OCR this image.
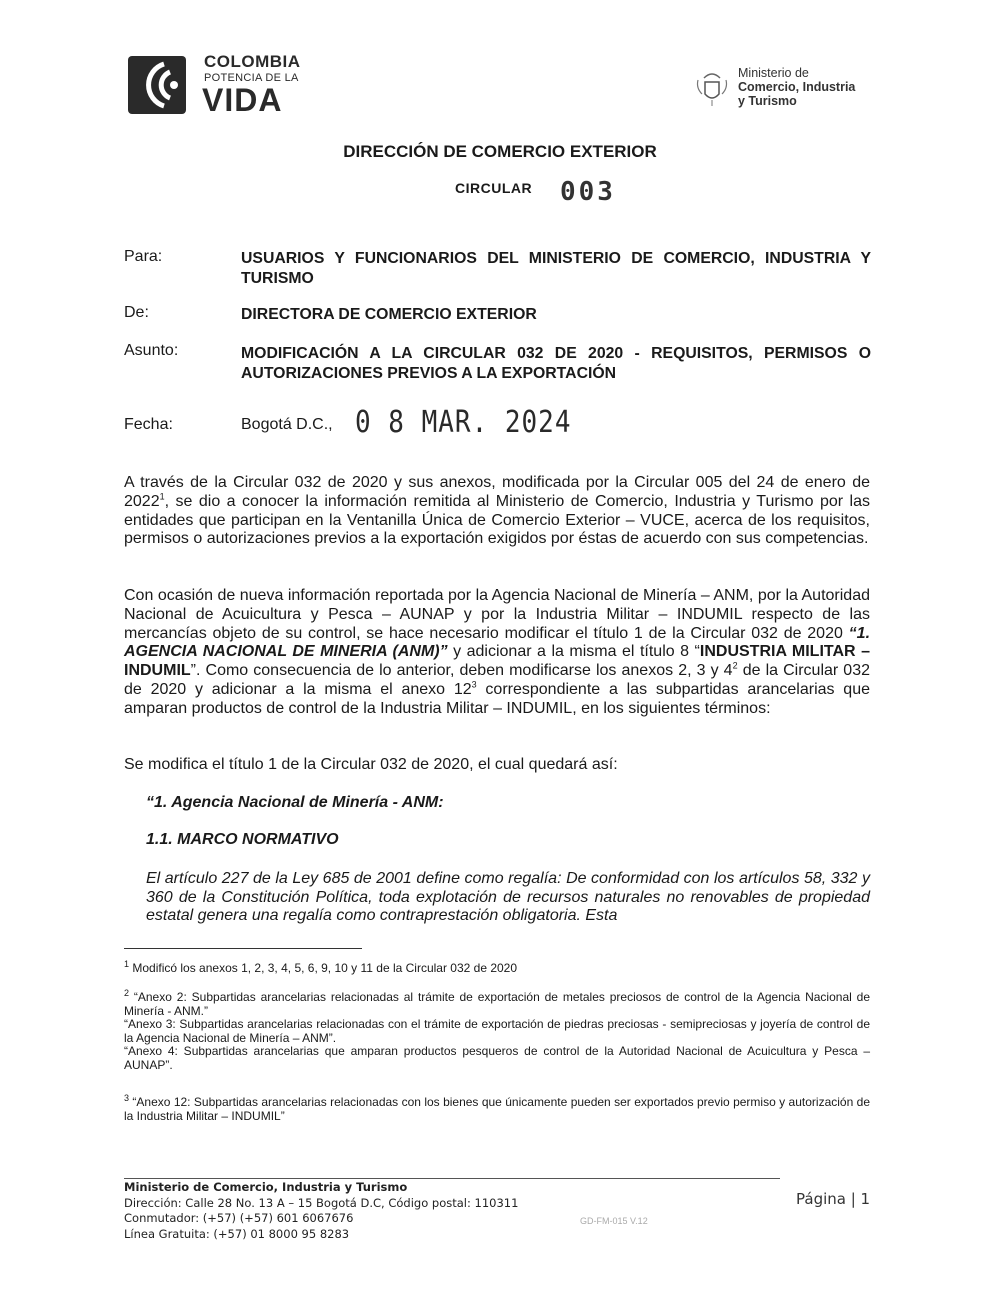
COLOMBIA
POTENCIA DE LA
VIDA
Ministerio de
Comercio, Industria
y Turismo
DIRECCIÓN DE COMERCIO EXTERIOR
CIRCULAR 003
Para:	USUARIOS Y FUNCIONARIOS DEL MINISTERIO DE COMERCIO, INDUSTRIA Y TURISMO
De:	DIRECTORA DE COMERCIO EXTERIOR
Asunto:	MODIFICACIÓN A LA CIRCULAR 032 DE 2020 - REQUISITOS, PERMISOS O AUTORIZACIONES PREVIOS A LA EXPORTACIÓN
Fecha:	Bogotá D.C., 0 8 MAR. 2024
A través de la Circular 032 de 2020 y sus anexos, modificada por la Circular 005 del 24 de enero de 2022$^1$, se dio a conocer la información remitida al Ministerio de Comercio, Industria y Turismo por las entidades que participan en la Ventanilla Única de Comercio Exterior – VUCE, acerca de los requisitos, permisos o autorizaciones previos a la exportación exigidos por éstas de acuerdo con sus competencias.
Con ocasión de nueva información reportada por la Agencia Nacional de Minería – ANM, por la Autoridad Nacional de Acuicultura y Pesca – AUNAP y por la Industria Militar – INDUMIL respecto de las mercancías objeto de su control, se hace necesario modificar el título 1 de la Circular 032 de 2020 “1. AGENCIA NACIONAL DE MINERIA (ANM)” y adicionar a la misma el título 8 “INDUSTRIA MILITAR – INDUMIL”. Como consecuencia de lo anterior, deben modificarse los anexos 2, 3 y $4^2$ de la Circular 032 de 2020 y adicionar a la misma el anexo $12^3$ correspondiente a las subpartidas arancelarias que amparan productos de control de la Industria Militar – INDUMIL, en los siguientes términos:
Se modifica el título 1 de la Circular 032 de 2020, el cual quedará así:
“1. Agencia Nacional de Minería - ANM:
1.1. MARCO NORMATIVO
El artículo 227 de la Ley 685 de 2001 define como regalía: De conformidad con los artículos 58, 332 y 360 de la Constitución Política, toda explotación de recursos naturales no renovables de propiedad estatal genera una regalía como contraprestación obligatoria. Esta
$^1$ Modificó los anexos 1, 2, 3, 4, 5, 6, 9, 10 y 11 de la Circular 032 de 2020
$^2$ “Anexo 2: Subpartidas arancelarias relacionadas al trámite de exportación de metales preciosos de control de la Agencia Nacional de Minería - ANM.”
“Anexo 3: Subpartidas arancelarias relacionadas con el trámite de exportación de piedras preciosas - semipreciosas y joyería de control de la Agencia Nacional de Minería – ANM”.
“Anexo 4: Subpartidas arancelarias que amparan productos pesqueros de control de la Autoridad Nacional de Acuicultura y Pesca – AUNAP”.
$^3$ “Anexo 12: Subpartidas arancelarias relacionadas con los bienes que únicamente pueden ser exportados previo permiso y autorización de la Industria Militar – INDUMIL”
Ministerio de Comercio, Industria y Turismo
Dirección: Calle 28 No. 13 A – 15 Bogotá D.C, Código postal: 110311
Conmutador: (+57) (+57) 601 6067676
Línea Gratuita: (+57) 01 8000 95 8283
Página | 1
GD-FM-015 V.12
